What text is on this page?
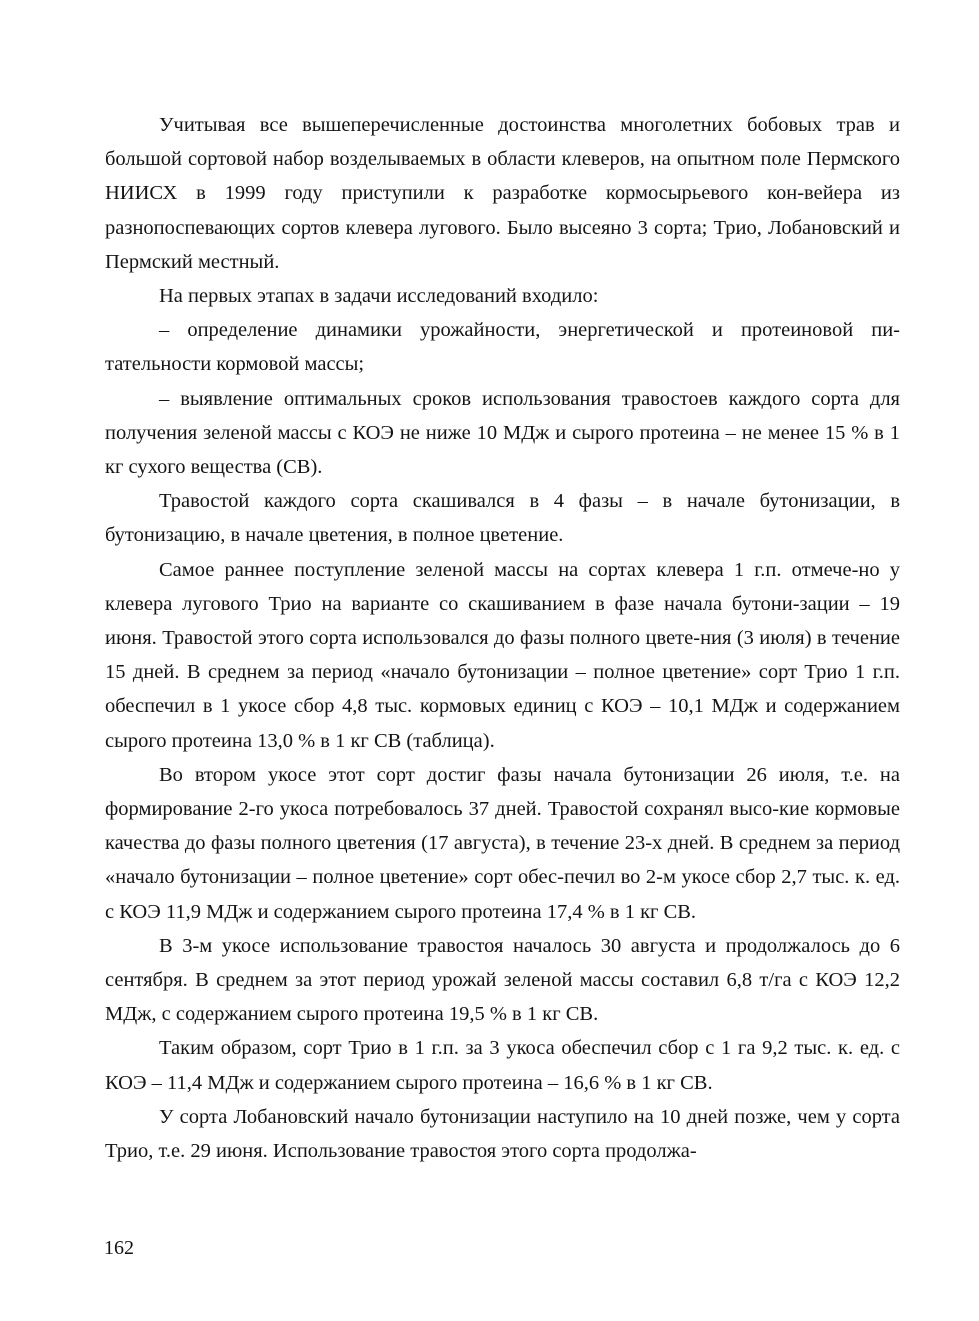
Учитывая все вышеперечисленные достоинства многолетних бобовых трав и большой сортовой набор возделываемых в области клеверов, на опытном поле Пермского НИИСХ в 1999 году приступили к разработке кормосырьевого кон-вейера из разнопоспевающих сортов клевера лугового. Было высеяно 3 сорта; Трио, Лобановский и Пермский местный.

На первых этапах в задачи исследований входило:

– определение динамики урожайности, энергетической и протеиновой пи-тательности кормовой массы;

– выявление оптимальных сроков использования травостоев каждого сорта для получения зеленой массы с КОЭ не ниже 10 МДж и сырого протеина – не менее 15 % в 1 кг сухого вещества (СВ).

Травостой каждого сорта скашивался в 4 фазы – в начале бутонизации, в бутонизацию, в начале цветения, в полное цветение.

Самое раннее поступление зеленой массы на сортах клевера 1 г.п. отмече-но у клевера лугового Трио на варианте со скашиванием в фазе начала бутони-зации – 19 июня. Травостой этого сорта использовался до фазы полного цвете-ния (3 июля) в течение 15 дней. В среднем за период «начало бутонизации – полное цветение» сорт Трио 1 г.п. обеспечил в 1 укосе сбор 4,8 тыс. кормовых единиц с КОЭ – 10,1 МДж и содержанием сырого протеина 13,0 % в 1 кг СВ (таблица).

Во втором укосе этот сорт достиг фазы начала бутонизации 26 июля, т.е. на формирование 2-го укоса потребовалось 37 дней. Травостой сохранял высо-кие кормовые качества до фазы полного цветения (17 августа), в течение 23-х дней. В среднем за период «начало бутонизации – полное цветение» сорт обес-печил во 2-м укосе сбор 2,7 тыс. к. ед. с КОЭ 11,9 МДж и содержанием сырого протеина 17,4 % в 1 кг СВ.

В 3-м укосе использование травостоя началось 30 августа и продолжалось до 6 сентября. В среднем за этот период урожай зеленой массы составил 6,8 т/га с КОЭ 12,2 МДж, с содержанием сырого протеина 19,5 % в 1 кг СВ.

Таким образом, сорт Трио в 1 г.п. за 3 укоса обеспечил сбор с 1 га 9,2 тыс. к. ед. с КОЭ – 11,4 МДж и содержанием сырого протеина – 16,6 % в 1 кг СВ.

У сорта Лобановский начало бутонизации наступило на 10 дней позже, чем у сорта Трио, т.е. 29 июня. Использование травостоя этого сорта продолжа-

162
